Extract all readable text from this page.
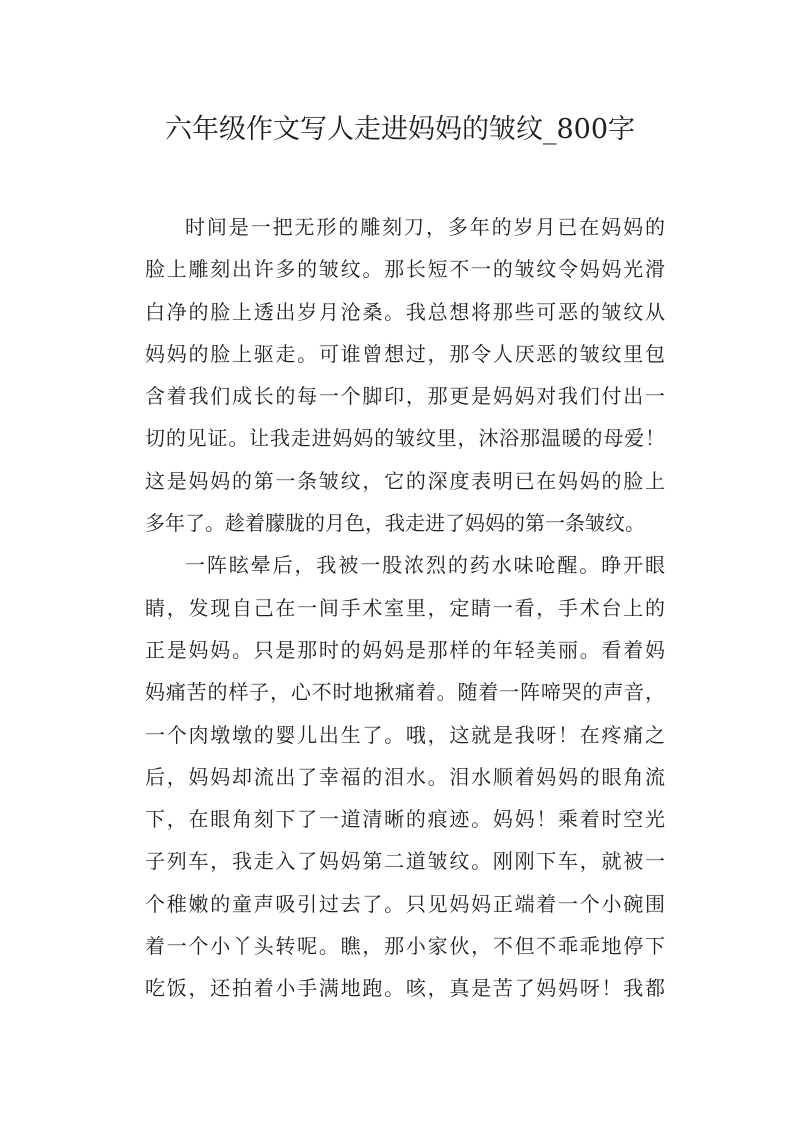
六年级作文写人走进妈妈的皱纹_800字
时间是一把无形的雕刻刀，多年的岁月已在妈妈的
脸上雕刻出许多的皱纹。那长短不一的皱纹令妈妈光滑
白净的脸上透出岁月沧桑。我总想将那些可恶的皱纹从
妈妈的脸上驱走。可谁曾想过，那令人厌恶的皱纹里包
含着我们成长的每一个脚印，那更是妈妈对我们付出一
切的见证。让我走进妈妈的皱纹里，沐浴那温暖的母爱！
这是妈妈的第一条皱纹，它的深度表明已在妈妈的脸上
多年了。趁着朦胧的月色，我走进了妈妈的第一条皱纹。
一阵眩晕后，我被一股浓烈的药水味呛醒。睁开眼
睛，发现自己在一间手术室里，定睛一看，手术台上的
正是妈妈。只是那时的妈妈是那样的年轻美丽。看着妈
妈痛苦的样子，心不时地揪痛着。随着一阵啼哭的声音，
一个肉墩墩的婴儿出生了。哦，这就是我呀！在疼痛之
后，妈妈却流出了幸福的泪水。泪水顺着妈妈的眼角流
下，在眼角刻下了一道清晰的痕迹。妈妈！乘着时空光
子列车，我走入了妈妈第二道皱纹。刚刚下车，就被一
个稚嫩的童声吸引过去了。只见妈妈正端着一个小碗围
着一个小丫头转呢。瞧，那小家伙，不但不乖乖地停下
吃饭，还拍着小手满地跑。咳，真是苦了妈妈呀！我都
